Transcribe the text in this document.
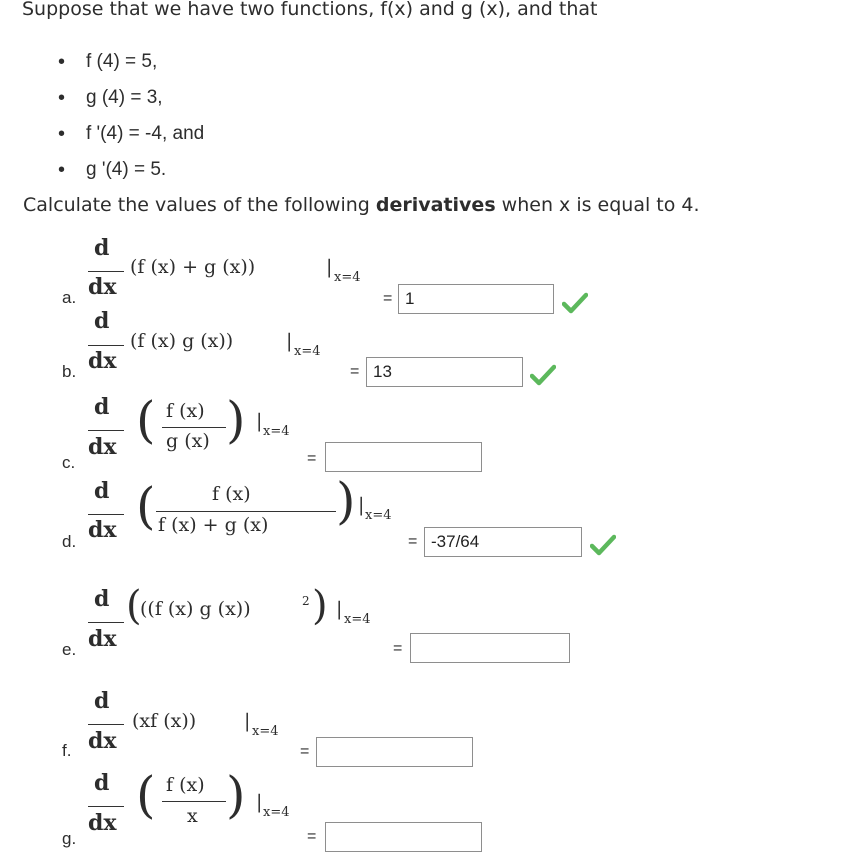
Suppose that we have two functions, f(x) and g (x), and that
• f (4) = 5,
• g (4) = 3,
• f '(4) = -4, and
• g '(4) = 5.
Calculate the values of the following derivatives when x is equal to 4.
a.
d
dx
(f (x) + g (x))	| x=4
= 1
b.
d
dx
(f (x) g (x))	| x=4
= 13
c.
d
dx ( f (x)
g (x) ) | x=4
=
d.
d
dx (	f (x)
f (x) + g (x) ) | x=4
= -37/64
e.
d
dx
(
((f (x) g (x))	2 ) | x=4
=
f.
d
dx
(xf (x))	| x=4
=
g.
d
dx ( f (x)
x ) | x=4
=
